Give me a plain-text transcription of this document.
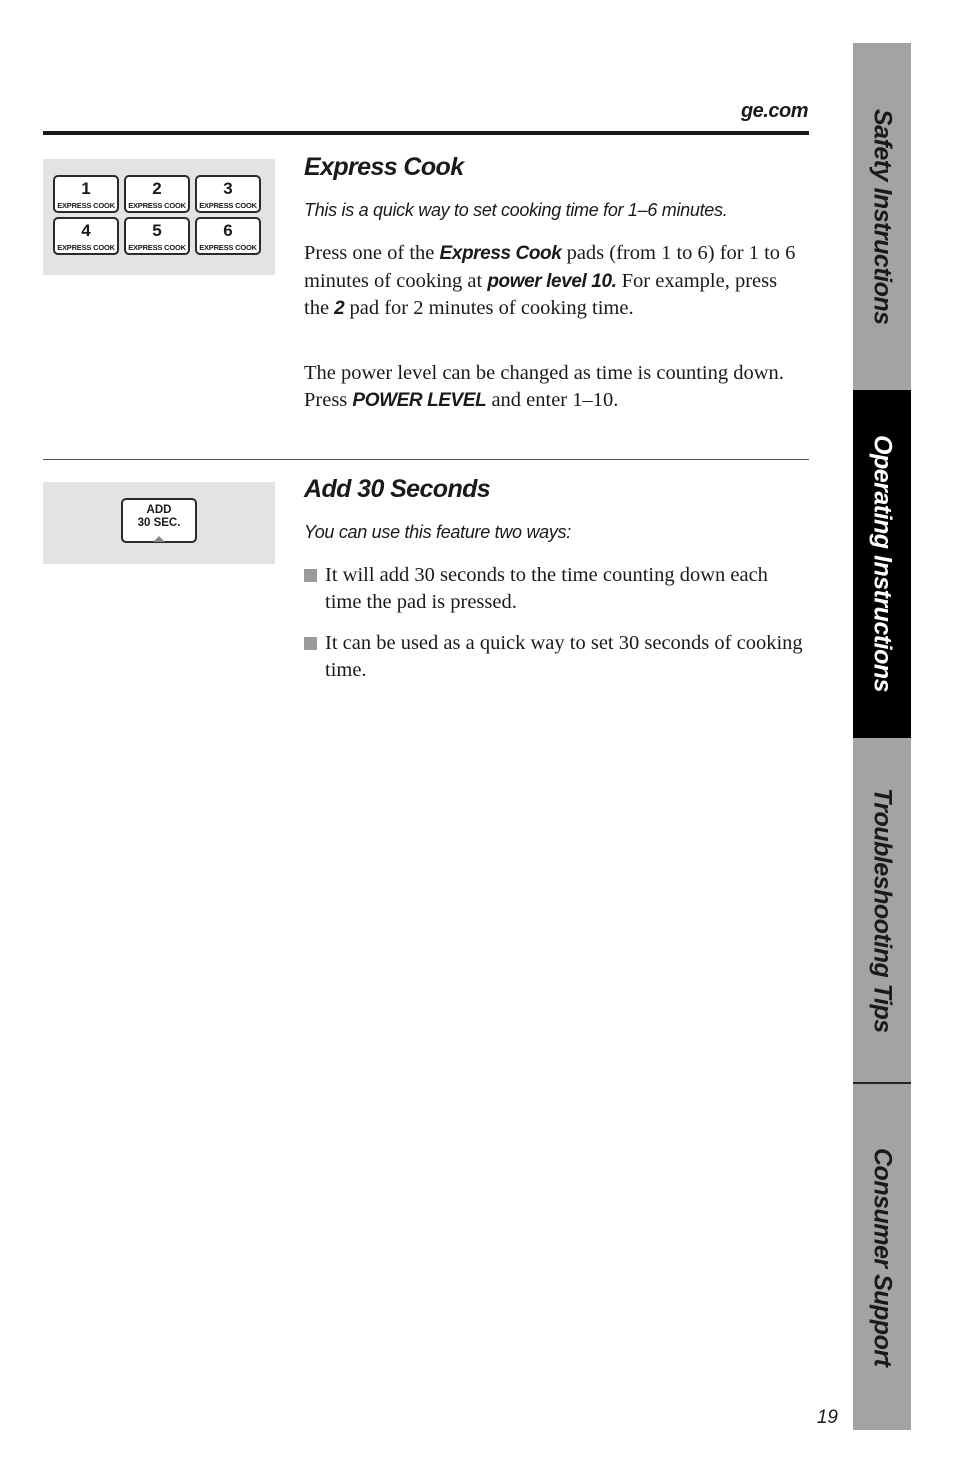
ge.com
1
EXPRESS COOK
2
EXPRESS COOK
3
EXPRESS COOK
4
EXPRESS COOK
5
EXPRESS COOK
6
EXPRESS COOK
Express Cook

This is a quick way to set cooking time for 1–6 minutes.

Press one of the Express Cook pads (from 1 to 6) for 1 to 6 minutes of cooking at power level 10. For example, press the 2 pad for 2 minutes of cooking time.

The power level can be changed as time is counting down. Press POWER LEVEL and enter 1–10.

ADD
30 SEC.
Add 30 Seconds

You can use this feature two ways:

It will add 30 seconds to the time counting down each time the pad is pressed.

It can be used as a quick way to set 30 seconds of cooking time.

Safety Instructions
Operating Instructions
Troubleshooting Tips
Consumer Support
19
